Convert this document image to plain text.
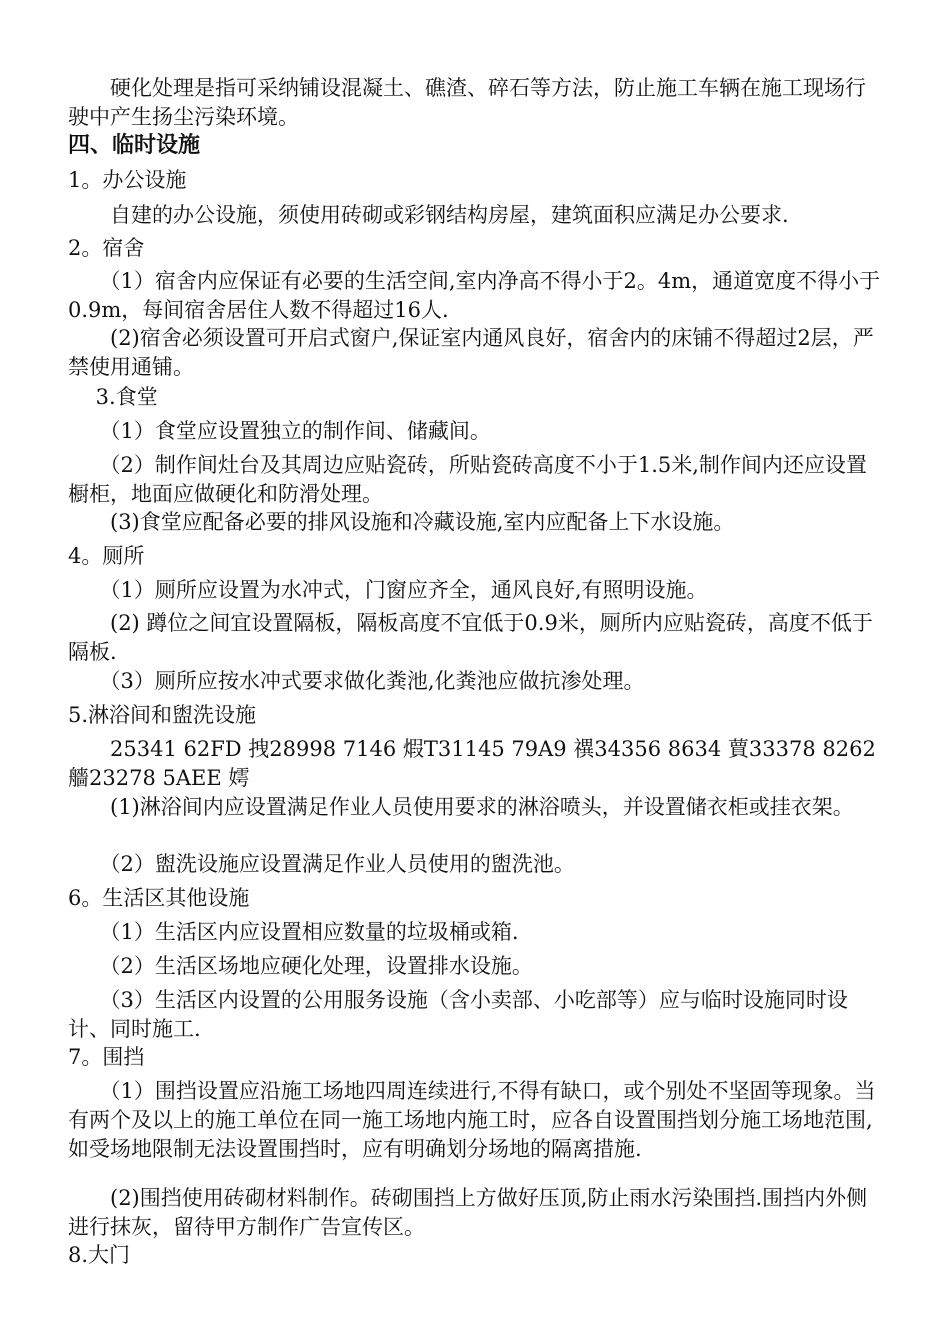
　　硬化处理是指可采纳铺设混凝土、礁渣、碎石等方法，防止施工车辆在施工现场行驶中产生扬尘污染环境。

四、临时设施

1。办公设施

　　自建的办公设施，须使用砖砌或彩钢结构房屋，建筑面积应满足办公要求.

2。宿舍

　　（1）宿舍内应保证有必要的生活空间,室内净高不得小于2。4m，通道宽度不得小于0.9m，每间宿舍居住人数不得超过16人.

　　(2)宿舍必须设置可开启式窗户,保证室内通风良好，宿舍内的床铺不得超过2层，严禁使用通铺。

　 3.食堂

　　（1）食堂应设置独立的制作间、储藏间。

　　（2）制作间灶台及其周边应贴瓷砖，所贴瓷砖高度不小于1.5米,制作间内还应设置橱柜，地面应做硬化和防滑处理。

　　(3)食堂应配备必要的排风设施和冷藏设施,室内应配备上下水设施。

4。厕所

　　（1）厕所应设置为水冲式，门窗应齐全，通风良好,有照明设施。

　　(2) 蹲位之间宜设置隔板，隔板高度不宜低于0.9米，厕所内应贴瓷砖，高度不低于隔板.

　　（3）厕所应按水冲式要求做化粪池,化粪池应做抗渗处理。

5.淋浴间和盥洗设施

　　25341 62FD 拽28998 7146 煆T31145 79A9 禩34356 8634 蕒33378 8262 艢23278 5AEE 嫮

　　(1)淋浴间内应设置满足作业人员使用要求的淋浴喷头，并设置储衣柜或挂衣架。

　　（2）盥洗设施应设置满足作业人员使用的盥洗池。

6。生活区其他设施

　　（1）生活区内应设置相应数量的垃圾桶或箱.

　　（2）生活区场地应硬化处理，设置排水设施。

　　（3）生活区内设置的公用服务设施（含小卖部、小吃部等）应与临时设施同时设计、同时施工.

7。围挡

　　（1）围挡设置应沿施工场地四周连续进行,不得有缺口，或个别处不坚固等现象。当有两个及以上的施工单位在同一施工场地内施工时，应各自设置围挡划分施工场地范围,如受场地限制无法设置围挡时，应有明确划分场地的隔离措施.

　　(2)围挡使用砖砌材料制作。砖砌围挡上方做好压顶,防止雨水污染围挡.围挡内外侧进行抹灰，留待甲方制作广告宣传区。

8.大门
